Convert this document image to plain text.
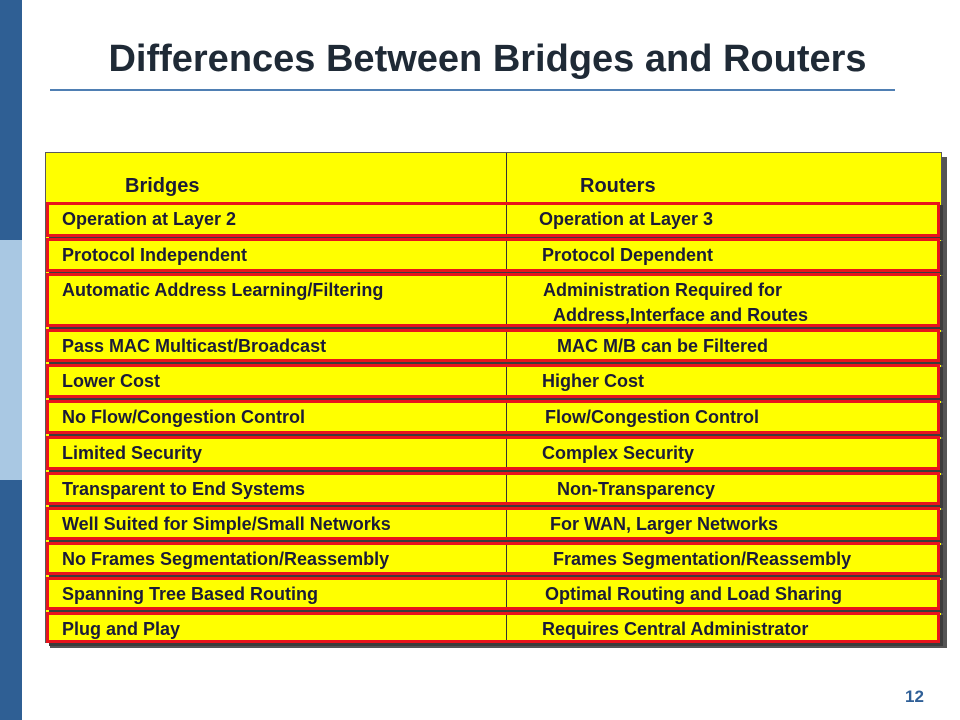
Differences Between Bridges and Routers
Bridges	Routers
Operation at Layer 2	Operation at Layer 3
Protocol Independent	Protocol Dependent
Automatic Address Learning/Filtering	Administration Required for
Address,Interface and Routes
Pass MAC Multicast/Broadcast	MAC M/B can be Filtered
Lower Cost	Higher Cost
No Flow/Congestion Control	Flow/Congestion Control
Limited Security	Complex Security
Transparent to End Systems	Non-Transparency
Well Suited for Simple/Small Networks	For WAN, Larger Networks
No Frames Segmentation/Reassembly	Frames Segmentation/Reassembly
Spanning Tree Based Routing	Optimal Routing and Load Sharing
Plug and Play	Requires Central Administrator
12
